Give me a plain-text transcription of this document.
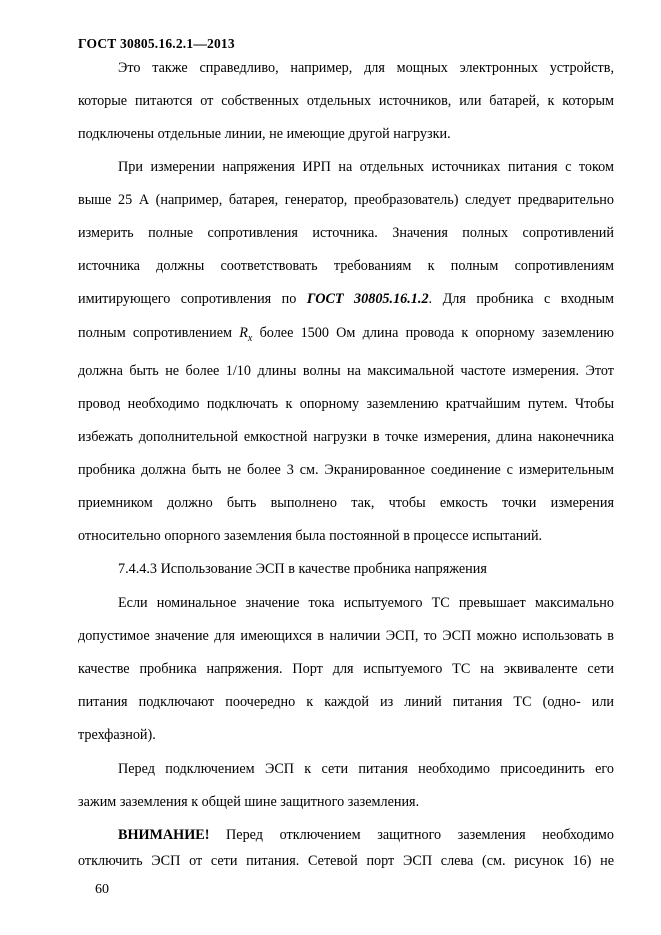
ГОСТ 30805.16.2.1—2013
Это также справедливо, например, для мощных электронных устройств,
которые питаются от собственных отдельных источников, или батарей, к которым
подключены отдельные линии, не имеющие другой нагрузки.
При измерении напряжения ИРП на отдельных источниках питания с током
выше 25 А (например, батарея, генератор, преобразователь) следует предварительно
измерить полные сопротивления источника. Значения полных сопротивлений
источника должны соответствовать требованиям к полным сопротивлениям
имитирующего сопротивления по ГОСТ 30805.16.1.2. Для пробника с входным
полным сопротивлением $R_x$ более 1500 Ом длина провода к опорному заземлению
должна быть не более 1/10 длины волны на максимальной частоте измерения. Этот
провод необходимо подключать к опорному заземлению кратчайшим путем. Чтобы
избежать дополнительной емкостной нагрузки в точке измерения, длина наконечника
пробника должна быть не более 3 см. Экранированное соединение с измерительным
приемником должно быть выполнено так, чтобы емкость точки измерения
относительно опорного заземления была постоянной в процессе испытаний.
7.4.4.3 Использование ЭСП в качестве пробника напряжения
Если номинальное значение тока испытуемого ТС превышает максимально
допустимое значение для имеющихся в наличии ЭСП, то ЭСП можно использовать в
качестве пробника напряжения. Порт для испытуемого ТС на эквиваленте сети
питания подключают поочередно к каждой из линий питания ТС (одно- или
трехфазной).
Перед подключением ЭСП к сети питания необходимо присоединить его
зажим заземления к общей шине защитного заземления.
ВНИМАНИЕ! Перед отключением защитного заземления необходимо
отключить ЭСП от сети питания. Сетевой порт ЭСП слева (см. рисунок 16) не
60
